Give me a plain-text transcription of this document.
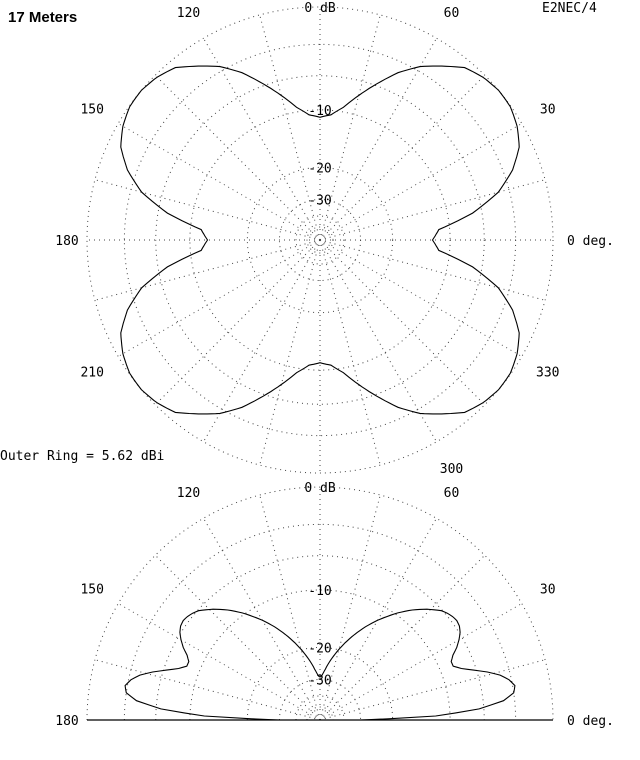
17 Meters
E2NEC/4
Outer Ring = 5.62 dBi
0 dB
-10
-20
-30
0 deg.
30
60
120
150
180
210
300
330
0 dB
-10
-20
-30
0 deg.
30
60
120
150
180
